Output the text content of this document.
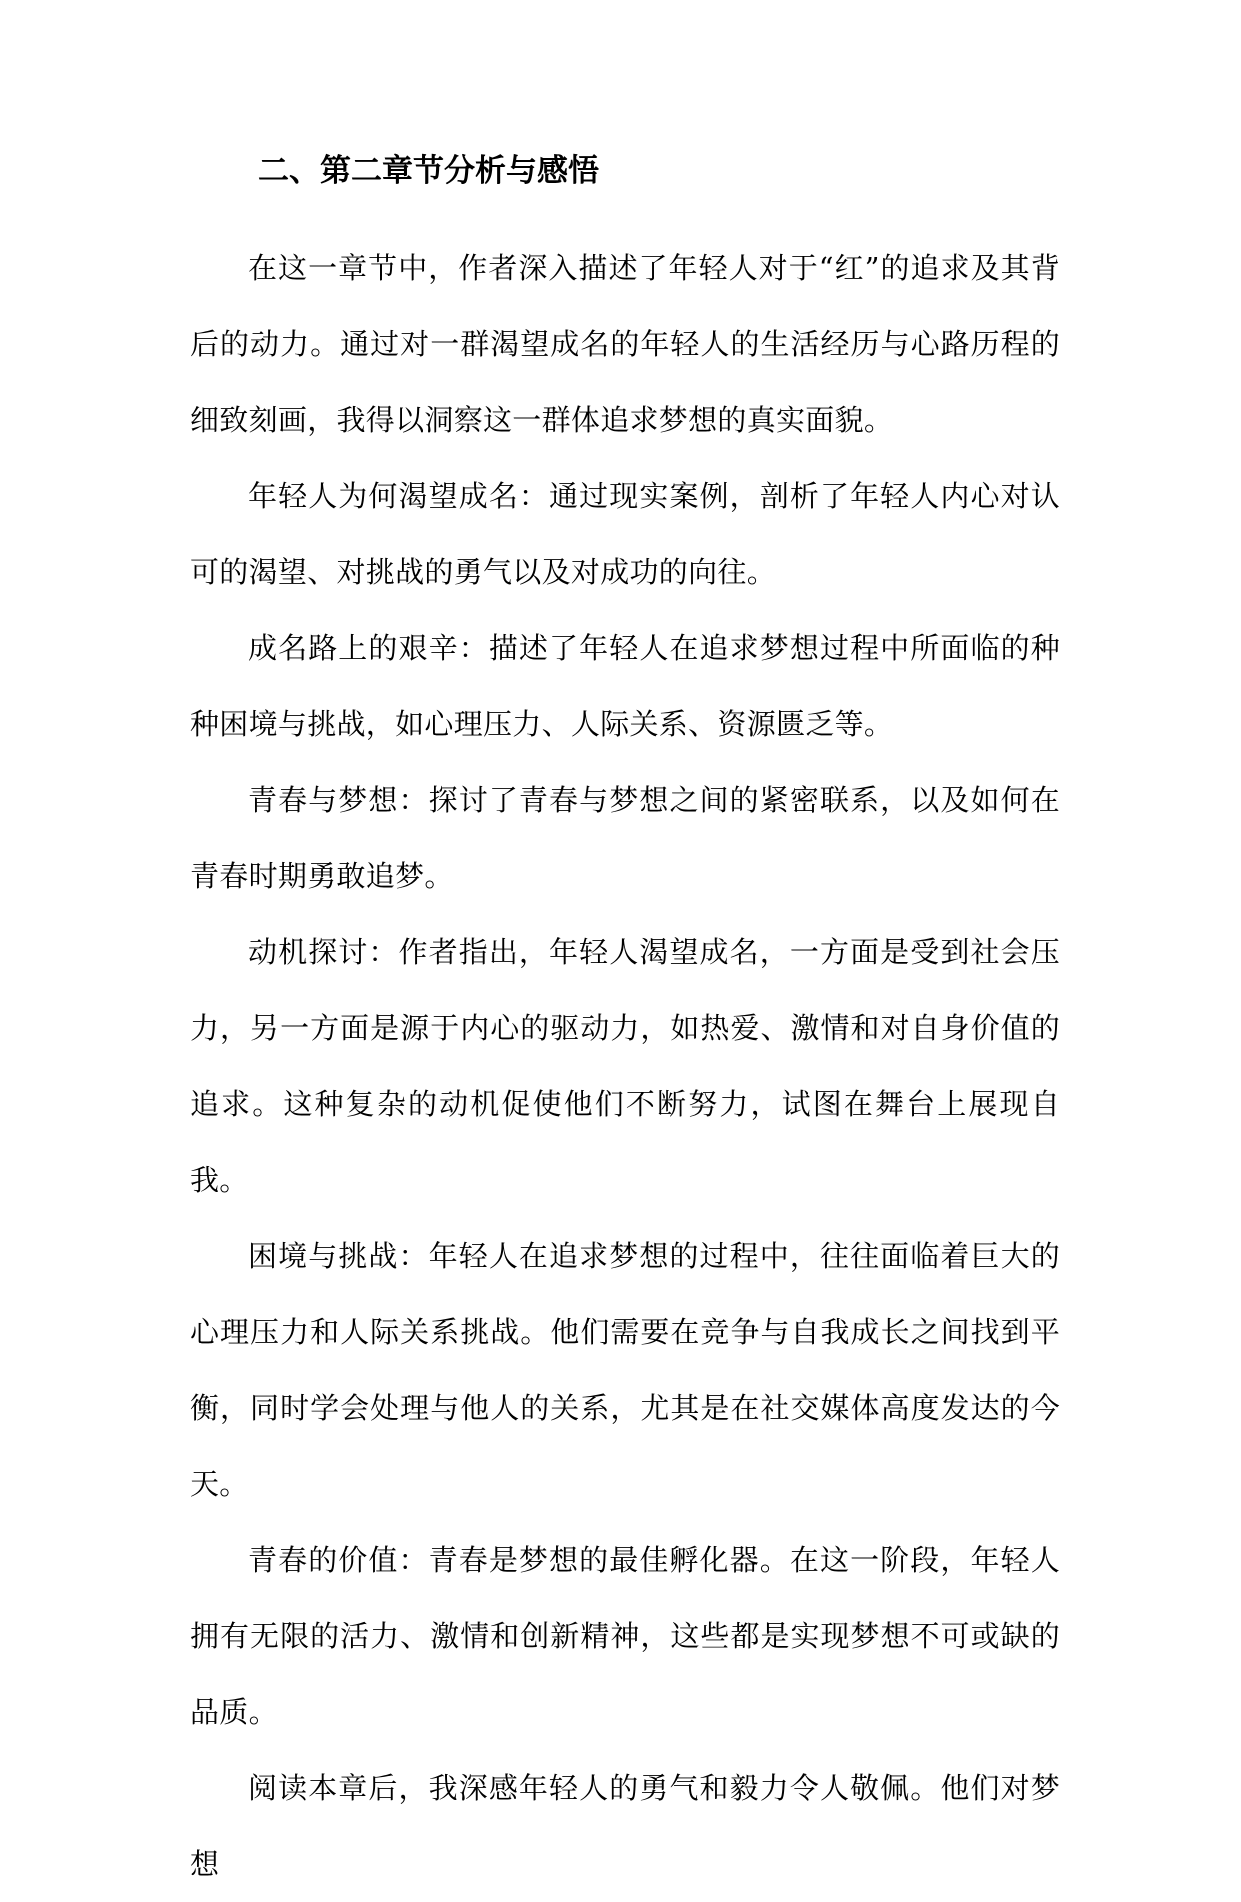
二、第二章节分析与感悟

在这一章节中，作者深入描述了年轻人对于“红”的追求及其背后的动力。通过对一群渴望成名的年轻人的生活经历与心路历程的细致刻画，我得以洞察这一群体追求梦想的真实面貌。

年轻人为何渴望成名：通过现实案例，剖析了年轻人内心对认可的渴望、对挑战的勇气以及对成功的向往。

成名路上的艰辛：描述了年轻人在追求梦想过程中所面临的种种困境与挑战，如心理压力、人际关系、资源匮乏等。

青春与梦想：探讨了青春与梦想之间的紧密联系，以及如何在青春时期勇敢追梦。

动机探讨：作者指出，年轻人渴望成名，一方面是受到社会压力，另一方面是源于内心的驱动力，如热爱、激情和对自身价值的追求。这种复杂的动机促使他们不断努力，试图在舞台上展现自我。

困境与挑战：年轻人在追求梦想的过程中，往往面临着巨大的心理压力和人际关系挑战。他们需要在竞争与自我成长之间找到平衡，同时学会处理与他人的关系，尤其是在社交媒体高度发达的今天。

青春的价值：青春是梦想的最佳孵化器。在这一阶段，年轻人拥有无限的活力、激情和创新精神，这些都是实现梦想不可或缺的品质。

阅读本章后，我深感年轻人的勇气和毅力令人敬佩。他们对梦想
